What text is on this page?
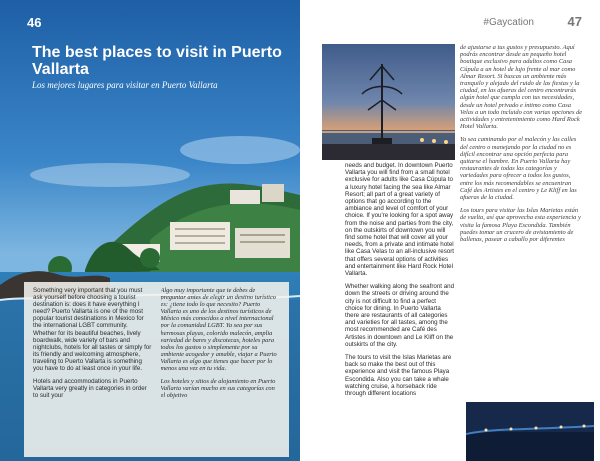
46
The best places to visit in Puerto Vallarta
Los mejores lugares para visitar en Puerto Vallarta

Something very important that you must ask yourself before choosing a tourist destination is: does it have everything I need? Puerto Vallarta is one of the most popular tourist destinations in Mexico for the international LGBT community. Whether for its beautiful beaches, lively boardwalk, wide variety of bars and nightclubs, hotels for all tastes or simply for its friendly and welcoming atmosphere, traveling to Puerto Vallarta is something you have to do at least once in your life.

Hotels and accommodations in Puerto Vallarta very greatly in categories in order to suit your

Algo muy importante que te debes de preguntar antes de elegir un destino turístico es: ¿tiene todo lo que necesito? Puerto Vallarta es uno de los destinos turísticos de México más conocidos a nivel internacional por la comunidad LGBT. Ya sea por sus hermosas playas, colorido malecón, amplia variedad de bares y discotecas, hoteles para todos los gustos o simplemente por su ambiente acogedor y amable, viajar a Puerto Vallarta es algo que tienes que hacer por lo menos una vez en tu vida.

Los hoteles y sitios de alojamiento en Puerto Vallarta varían mucho en sus categorías con el objetivo

#Gaycation	47

needs and budget. In downtown Puerto Vallarta you will find from a small hotel exclusive for adults like Casa Cúpula to a luxury hotel facing the sea like Almar Resort; all part of a great variety of options that go according to the ambiance and level of comfort of your choice. If you're looking for a spot away from the noise and parties from the city, on the outskirts of downtown you will find some hotel that will cover all your needs, from a private and intimate hotel like Casa Velas to an all-inclusive resort that offers several options of activities and entertainment like Hard Rock Hotel Vallarta.

Whether walking along the seafront and down the streets or driving around the city is not difficult to find a perfect choice for dining. In Puerto Vallarta there are restaurants of all categories and varieties for all tastes, among the most recommended are Café des Artistes in downtown and Le Kliff on the outskirts of the city.

The tours to visit the Islas Marietas are back so make the best out of this experience and visit the famous Playa Escondida. Also you can take a whale watching cruise, a horseback ride through different locations

de ajustarse a tus gustos y presupuesto. Aquí podrás encontrar desde un pequeño hotel boutique exclusivo para adultos como Casa Cúpula a un hotel de lujo frente al mar como Almar Resort. Si buscas un ambiente más tranquilo y alejado del ruido de las fiestas y la ciudad, en las afueras del centro encontrarás algún hotel que cumpla con tus necesidades, desde un hotel privado e íntimo como Casa Velas a un todo incluido con varias opciones de actividades y entretenimiento como Hard Rock Hotel Vallarta.

Ya sea caminando por el malecón y las calles del centro o manejando por la ciudad no es difícil encontrar una opción perfecta para quitarse el hambre. En Puerto Vallarta hay restaurantes de todas las categorías y variedades para ofrecer a todos los gustos, entre los más recomendables se encuentran Café des Artistes en el centro y Le Kliff en las afueras de la ciudad.

Los tours para visitar las Islas Marietas están de vuelta, así que aprovecha esta experiencia y visita la famosa Playa Escondida. También puedes tomar un crucero de avistamiento de ballenas, pasear a caballo por diferentes
